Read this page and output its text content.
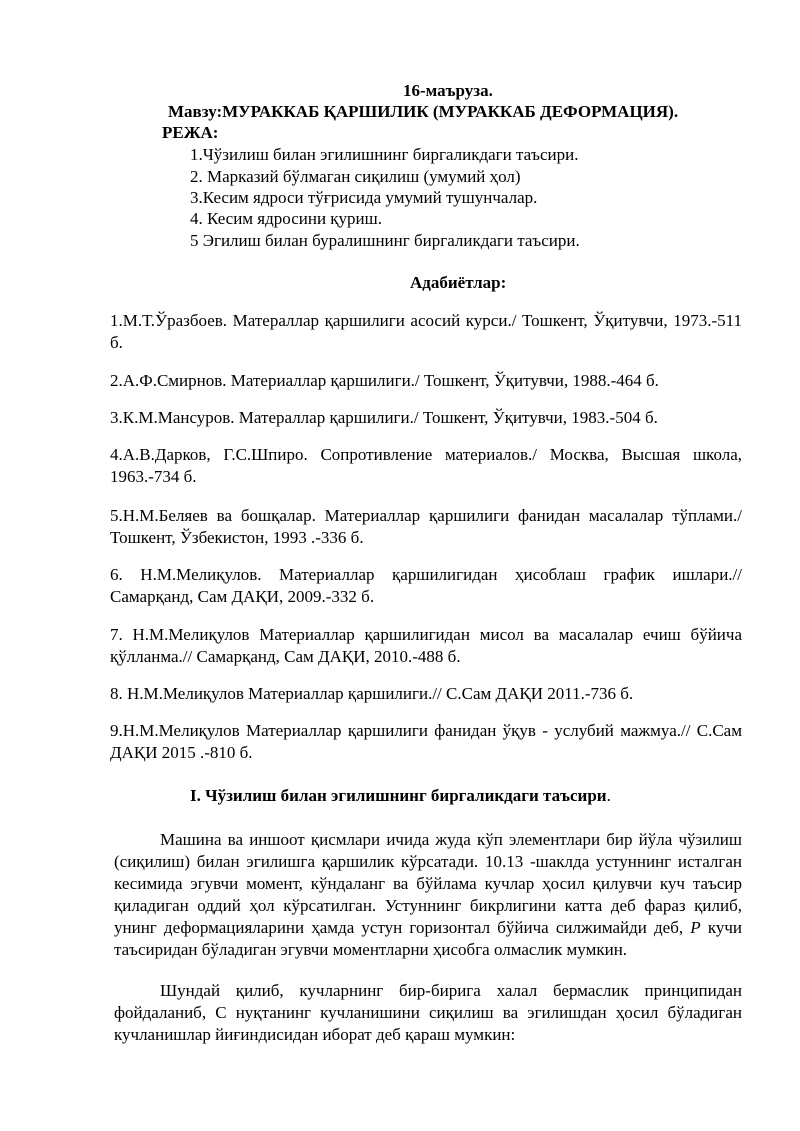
16-маъруза.
Мавзу:МУРАККАБ ҚАРШИЛИК (МУРАККАБ ДЕФОРМАЦИЯ).
РЕЖА:
1.Чўзилиш билан эгилишнинг биргаликдаги таъсири.
2. Марказий бўлмаган сиқилиш (умумий ҳол)
3.Кесим ядроси тўғрисида умумий тушунчалар.
4. Кесим ядросини қуриш.
5 Эгилиш билан буралишнинг биргаликдаги таъсири.
Адабиётлар:
1.М.Т.Ўразбоев. Матераллар қаршилиги асосий курси./ Тошкент, Ўқитувчи, 1973.-511 б.
2.А.Ф.Смирнов. Материаллар қаршилиги./ Тошкент, Ўқитувчи, 1988.-464 б.
3.К.М.Мансуров. Матераллар қаршилиги./ Тошкент, Ўқитувчи, 1983.-504 б.
4.А.В.Дарков, Г.С.Шпиро. Сопротивление материалов./ Москва, Высшая школа, 1963.-734 б.
5.Н.М.Беляев ва бошқалар. Материаллар қаршилиги фанидан масалалар тўплами./ Тошкент, Ўзбекистон, 1993 .-336 б.
6. Н.М.Мелиқулов. Материаллар қаршилигидан ҳисоблаш график ишлари.// Самарқанд, Сам ДАҚИ, 2009.-332 б.
7. Н.М.Мелиқулов Материаллар қаршилигидан мисол ва масалалар ечиш бўйича қўлланма.// Самарқанд, Сам ДАҚИ, 2010.-488 б.
8. Н.М.Мелиқулов Материаллар қаршилиги.// С.Сам ДАҚИ 2011.-736 б.
9.Н.М.Мелиқулов Материаллар қаршилиги фанидан ўқув - услубий мажмуа.// С.Сам ДАҚИ 2015 .-810 б.
I. Чўзилиш билан эгилишнинг биргаликдаги таъсири.
Машина ва иншоот қисмлари ичида жуда кўп элементлари бир йўла чўзилиш (сиқилиш) билан эгилишга қаршилик кўрсатади. 10.13 -шаклда устуннинг исталган кесимида эгувчи момент, кўндаланг ва бўйлама кучлар ҳосил қилувчи куч таъсир қиладиган оддий ҳол кўрсатилган. Устуннинг бикрлигини катта деб фараз қилиб, унинг деформацияларини ҳамда устун горизонтал бўйича силжимайди деб, P кучи таъсиридан бўладиган эгувчи моментларни ҳисобга олмаслик мумкин.
Шундай қилиб, кучларнинг бир-бирига халал бермаслик принципидан фойдаланиб, С нуқтанинг кучланишини сиқилиш ва эгилишдан ҳосил бўладиган кучланишлар йиғиндисидан иборат деб қараш мумкин:
